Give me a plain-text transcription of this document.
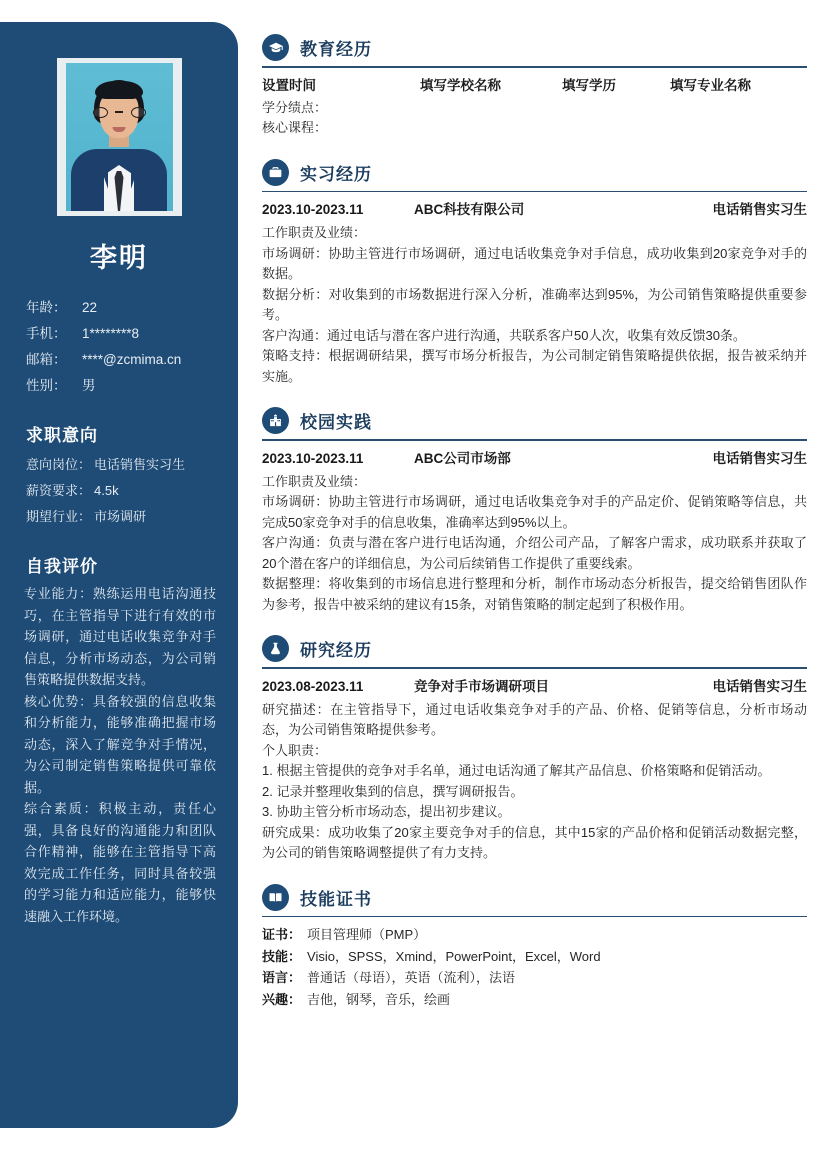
李明
年龄：	22
手机：	1********8
邮箱：	****@zcmima.cn
性别：	男
求职意向
意向岗位： 电话销售实习生
薪资要求： 4.5k
期望行业： 市场调研
自我评价

专业能力：熟练运用电话沟通技巧，在主管指导下进行有效的市场调研，通过电话收集竞争对手信息，分析市场动态，为公司销售策略提供数据支持。

核心优势：具备较强的信息收集和分析能力，能够准确把握市场动态，深入了解竞争对手情况，为公司制定销售策略提供可靠依据。

综合素质：积极主动，责任心强，具备良好的沟通能力和团队合作精神，能够在主管指导下高效完成工作任务，同时具备较强的学习能力和适应能力，能够快速融入工作环境。

教育经历
设置时间	填写学校名称	填写学历	填写专业名称
学分绩点：
核心课程：
实习经历
2023.10-2023.11	ABC科技有限公司	电话销售实习生
工作职责及业绩：
市场调研：协助主管进行市场调研，通过电话收集竞争对手信息，成功收集到20家竞争对手的数据。
数据分析：对收集到的市场数据进行深入分析，准确率达到95%，为公司销售策略提供重要参考。
客户沟通：通过电话与潜在客户进行沟通，共联系客户50人次，收集有效反馈30条。
策略支持：根据调研结果，撰写市场分析报告，为公司制定销售策略提供依据，报告被采纳并实施。
校园实践
2023.10-2023.11	ABC公司市场部	电话销售实习生
工作职责及业绩：
市场调研：协助主管进行市场调研，通过电话收集竞争对手的产品定价、促销策略等信息，共完成50家竞争对手的信息收集，准确率达到95%以上。
客户沟通：负责与潜在客户进行电话沟通，介绍公司产品，了解客户需求，成功联系并获取了20个潜在客户的详细信息，为公司后续销售工作提供了重要线索。
数据整理：将收集到的市场信息进行整理和分析，制作市场动态分析报告，提交给销售团队作为参考，报告中被采纳的建议有15条，对销售策略的制定起到了积极作用。
研究经历
2023.08-2023.11	竞争对手市场调研项目	电话销售实习生
研究描述：在主管指导下，通过电话收集竞争对手的产品、价格、促销等信息，分析市场动态，为公司销售策略提供参考。
个人职责：
1. 根据主管提供的竞争对手名单，通过电话沟通了解其产品信息、价格策略和促销活动。
2. 记录并整理收集到的信息，撰写调研报告。
3. 协助主管分析市场动态，提出初步建议。
研究成果：成功收集了20家主要竞争对手的信息，其中15家的产品价格和促销活动数据完整，为公司的销售策略调整提供了有力支持。
技能证书
证书： 项目管理师（PMP）
技能： Visio，SPSS，Xmind，PowerPoint，Excel，Word
语言： 普通话（母语），英语（流利），法语
兴趣： 吉他，钢琴，音乐，绘画
